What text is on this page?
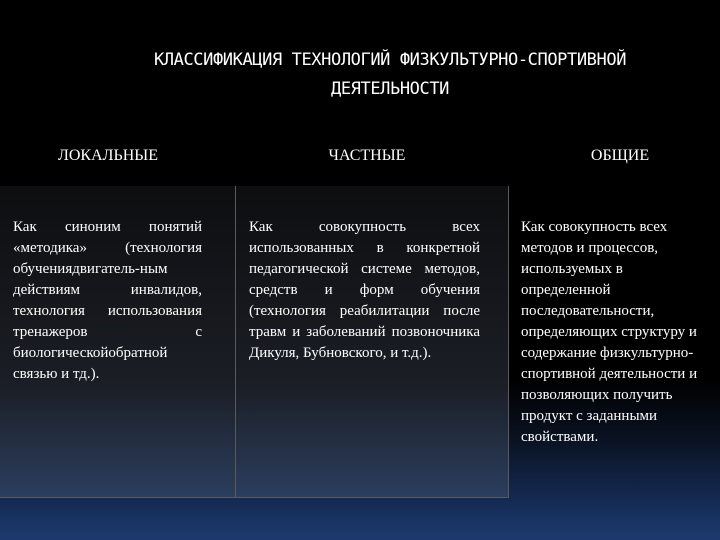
КЛАССИФИКАЦИЯ ТЕХНОЛОГИЙ ФИЗКУЛЬТУРНО-СПОРТИВНОЙ
ДЕЯТЕЛЬНОСТИ
ЛОКАЛЬНЫЕ	ЧАСТНЫЕ	ОБЩИЕ
Как синоним понятий «методика» (технология обучениядвигатель-ным действиям инвалидов, технология использования тренажеров с биологическойобратной связью и тд.).
Как совокупность всех использованных в конкретной педагогической системе методов, средств и форм обучения (технология реабилитации после травм и заболеваний позвоночника Дикуля, Бубновского, и т.д.).
Как совокупность всех методов и процессов, используемых в определенной последовательности, определяющих структуру и содержание физкультурно-спортивной деятельности и позволяющих получить продукт с заданными свойствами.
